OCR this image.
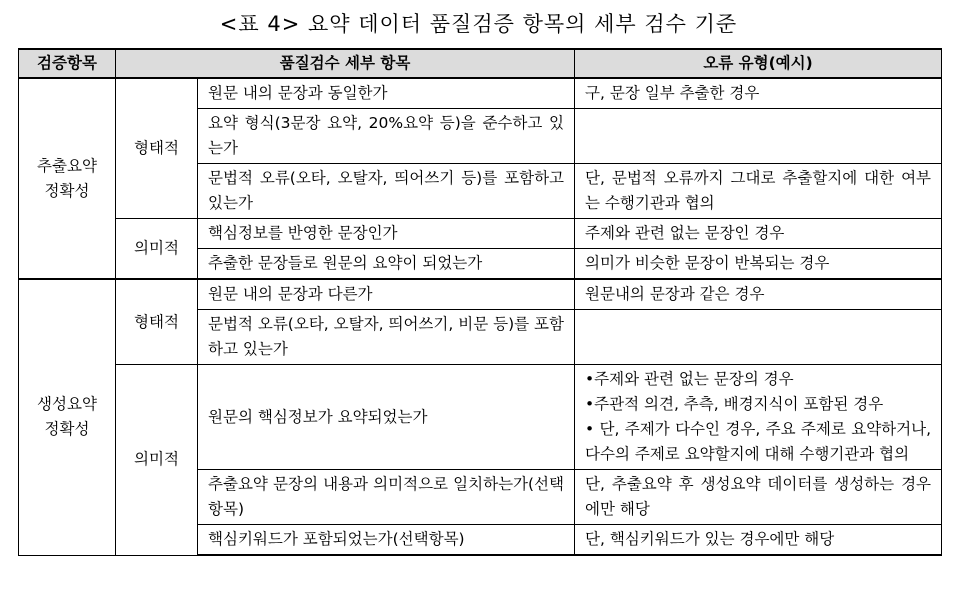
<표 4> 요약 데이터 품질검증 항목의 세부 검수 기준
검증항목	품질검수 세부 항목		오류 유형(예시)
추출요약 정확성	형태적	원문 내의 문장과 동일한가	구, 문장 일부 추출한 경우
		요약 형식(3문장 요약, 20%요약 등)을 준수하고 있는가	
		문법적 오류(오타, 오탈자, 띄어쓰기 등)를 포함하고 있는가	단, 문법적 오류까지 그대로 추출할지에 대한 여부는 수행기관과 협의
	의미적	핵심정보를 반영한 문장인가	주제와 관련 없는 문장인 경우
		추출한 문장들로 원문의 요약이 되었는가	의미가 비슷한 문장이 반복되는 경우
생성요약 정확성	형태적	원문 내의 문장과 다른가	원문내의 문장과 같은 경우
		문법적 오류(오타, 오탈자, 띄어쓰기, 비문 등)를 포함하고 있는가	
	의미적	원문의 핵심정보가 요약되었는가	•주제와 관련 없는 문장의 경우
•주관적 의견, 추측, 배경지식이 포함된 경우
• 단, 주제가 다수인 경우, 주요 주제로 요약하거나, 다수의 주제로 요약할지에 대해 수행기관과 협의

		추출요약 문장의 내용과 의미적으로 일치하는가(선택항목)	단, 추출요약 후 생성요약 데이터를 생성하는 경우에만 해당
		핵심키워드가 포함되었는가(선택항목)	단, 핵심키워드가 있는 경우에만 해당
